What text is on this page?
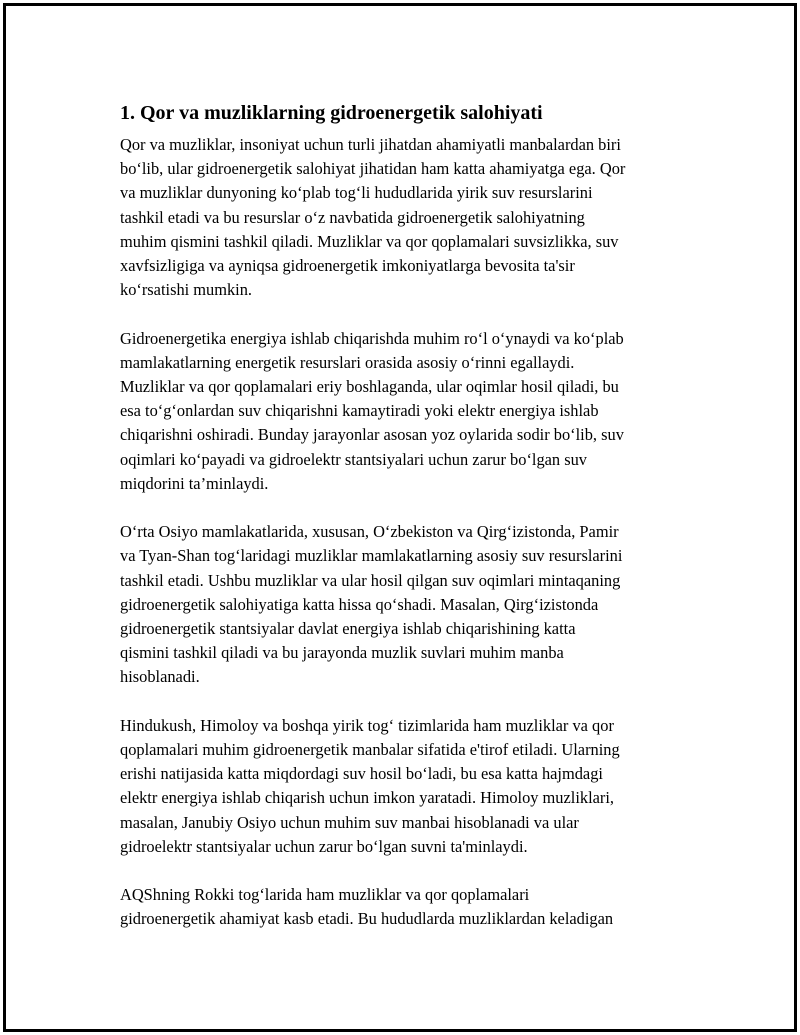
1. Qor va muzliklarning gidroenergetik salohiyati

Qor va muzliklar, insoniyat uchun turli jihatdan ahamiyatli manbalardan biri
bo‘lib, ular gidroenergetik salohiyat jihatidan ham katta ahamiyatga ega. Qor
va muzliklar dunyoning ko‘plab tog‘li hududlarida yirik suv resurslarini
tashkil etadi va bu resurslar o‘z navbatida gidroenergetik salohiyatning
muhim qismini tashkil qiladi. Muzliklar va qor qoplamalari suvsizlikka, suv
xavfsizligiga va ayniqsa gidroenergetik imkoniyatlarga bevosita ta'sir
ko‘rsatishi mumkin.

Gidroenergetika energiya ishlab chiqarishda muhim ro‘l o‘ynaydi va ko‘plab
mamlakatlarning energetik resurslari orasida asosiy o‘rinni egallaydi.
Muzliklar va qor qoplamalari eriy boshlaganda, ular oqimlar hosil qiladi, bu
esa to‘g‘onlardan suv chiqarishni kamaytiradi yoki elektr energiya ishlab
chiqarishni oshiradi. Bunday jarayonlar asosan yoz oylarida sodir bo‘lib, suv
oqimlari ko‘payadi va gidroelektr stantsiyalari uchun zarur bo‘lgan suv
miqdorini ta’minlaydi.

O‘rta Osiyo mamlakatlarida, xususan, O‘zbekiston va Qirg‘izistonda, Pamir
va Tyan-Shan tog‘laridagi muzliklar mamlakatlarning asosiy suv resurslarini
tashkil etadi. Ushbu muzliklar va ular hosil qilgan suv oqimlari mintaqaning
gidroenergetik salohiyatiga katta hissa qo‘shadi. Masalan, Qirg‘izistonda
gidroenergetik stantsiyalar davlat energiya ishlab chiqarishining katta
qismini tashkil qiladi va bu jarayonda muzlik suvlari muhim manba
hisoblanadi.

Hindukush, Himoloy va boshqa yirik tog‘ tizimlarida ham muzliklar va qor
qoplamalari muhim gidroenergetik manbalar sifatida e'tirof etiladi. Ularning
erishi natijasida katta miqdordagi suv hosil bo‘ladi, bu esa katta hajmdagi
elektr energiya ishlab chiqarish uchun imkon yaratadi. Himoloy muzliklari,
masalan, Janubiy Osiyo uchun muhim suv manbai hisoblanadi va ular
gidroelektr stantsiyalar uchun zarur bo‘lgan suvni ta'minlaydi.

AQShning Rokki tog‘larida ham muzliklar va qor qoplamalari
gidroenergetik ahamiyat kasb etadi. Bu hududlarda muzliklardan keladigan
